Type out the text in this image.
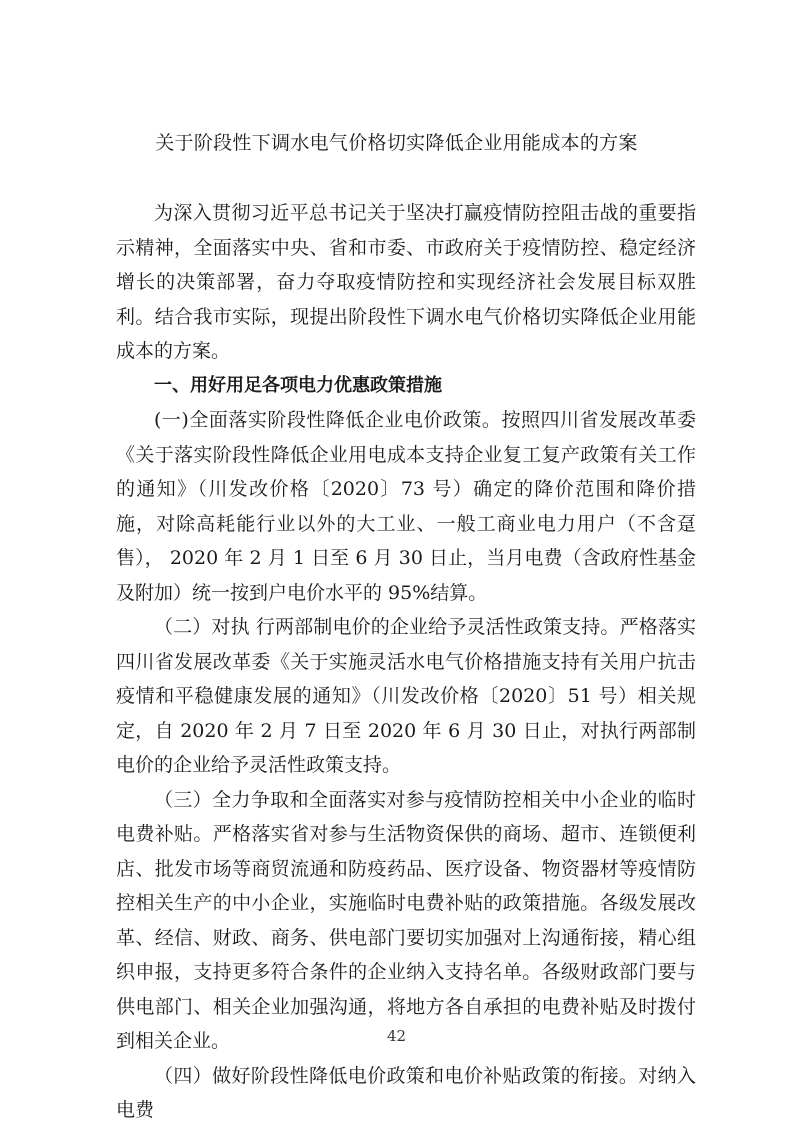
关于阶段性下调水电气价格切实降低企业用能成本的方案

为深入贯彻习近平总书记关于坚决打赢疫情防控阻击战的重要指示精神，全面落实中央、省和市委、市政府关于疫情防控、稳定经济增长的决策部署，奋力夺取疫情防控和实现经济社会发展目标双胜利。结合我市实际，现提出阶段性下调水电气价格切实降低企业用能成本的方案。

一、用好用足各项电力优惠政策措施

(一)全面落实阶段性降低企业电价政策。按照四川省发展改革委《关于落实阶段性降低企业用电成本支持企业复工复产政策有关工作的通知》（川发改价格〔2020〕73 号）确定的降价范围和降价措施，对除高耗能行业以外的大工业、一般工商业电力用户（不含趸售）， 2020 年 2 月 1 日至 6 月 30 日止，当月电费（含政府性基金及附加）统一按到户电价水平的 95%结算。

（二）对执 行两部制电价的企业给予灵活性政策支持。严格落实四川省发展改革委《关于实施灵活水电气价格措施支持有关用户抗击疫情和平稳健康发展的通知》（川发改价格〔2020〕51 号）相关规定，自 2020 年 2 月 7 日至 2020 年 6 月 30 日止，对执行两部制电价的企业给予灵活性政策支持。

（三）全力争取和全面落实对参与疫情防控相关中小企业的临时电费补贴。严格落实省对参与生活物资保供的商场、超市、连锁便利店、批发市场等商贸流通和防疫药品、医疗设备、物资器材等疫情防控相关生产的中小企业，实施临时电费补贴的政策措施。各级发展改革、经信、财政、商务、供电部门要切实加强对上沟通衔接，精心组织申报，支持更多符合条件的企业纳入支持名单。各级财政部门要与供电部门、相关企业加强沟通，将地方各自承担的电费补贴及时拨付到相关企业。

（四）做好阶段性降低电价政策和电价补贴政策的衔接。对纳入电费

42
